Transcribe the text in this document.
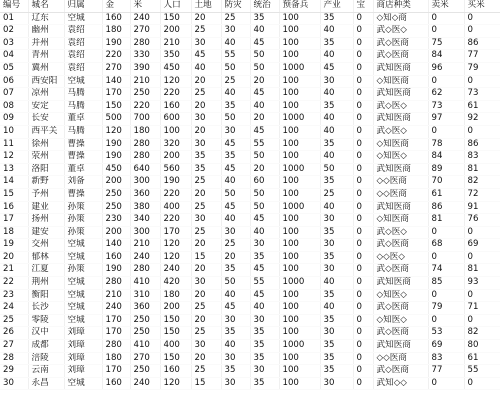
编号	城名	归属	金	米	人口	土地	防灾	统治	预备兵	产业	宝	商店种类	卖米	买米
01	辽东	空城	160	240	150	20	25	35	100	35	0	◇知◇商	0	0
02	幽州	袁绍	180	270	200	25	30	40	100	40	0	武◇医◇	0	0
03	并州	袁绍	190	280	210	30	40	45	100	35	0	武◇医商	75	86
04	青州	袁绍	220	330	350	45	55	50	100	40	0	武◇医商	84	77
05	冀州	袁绍	270	390	450	40	50	50	1000	45	0	武知医商	96	79
06	西安阳	空城	140	210	120	20	25	20	100	30	0	◇知医商	0	0
07	凉州	马腾	170	250	220	25	40	45	100	40	0	武知医商	62	73
08	安定	马腾	150	220	160	20	35	40	100	35	0	武◇医◇	73	61
09	长安	董卓	500	700	600	30	50	20	1000	40	0	武知医商	97	92
10	西平关	马腾	120	180	100	20	30	45	100	40	0	武◇医◇	0	0
11	徐州	曹操	190	280	320	30	45	55	100	35	0	◇知医商	78	86
12	荥州	曹操	190	280	200	35	35	50	100	40	0	◇知医◇	84	83
13	洛阳	董卓	450	640	560	35	45	20	1000	50	0	武知医商	89	81
14	新野	刘备	200	300	190	25	40	60	100	35	0	◇◇医商	70	82
15	予州	曹操	250	360	220	20	50	50	100	25	0	◇◇医商	61	72
16	建业	孙策	250	380	400	25	45	50	1000	40	0	武知医商	86	91
17	扬州	孙策	230	340	220	30	40	45	100	30	0	◇知医商	81	76
18	建安	孙策	200	300	170	25	30	40	100	35	0	武◇医◇	0	0
19	交州	空城	140	210	120	20	25	30	100	30	0	武◇医商	68	69
20	郁林	空城	160	240	120	15	20	35	100	35	0	◇◇医◇	0	0
21	江夏	孙策	190	280	240	20	35	45	100	30	0	武◇医商	74	81
22	荆州	空城	280	410	420	30	50	55	1000	40	0	武知医商	85	93
23	衡阳	空城	210	310	180	20	40	45	100	35	0	◇知医◇	0	0
24	长沙	空城	240	360	200	25	45	40	100	40	0	武◇医商	79	71
25	零陵	空城	170	250	150	20	30	30	100	35	0	◇知医◇	0	0
26	汉中	刘璋	170	250	150	25	35	35	100	30	0	武◇医商	53	82
27	成都	刘璋	280	410	400	30	40	35	1000	35	0	武知医商	69	80
28	涪陵	刘璋	180	270	150	20	30	35	100	35	0	◇◇医商	83	61
29	云南	刘璋	170	250	160	25	35	30	100	35	0	武◇医商	77	55
30	永昌	空城	160	240	120	15	30	35	100	30	0	武知◇◇	0	0
